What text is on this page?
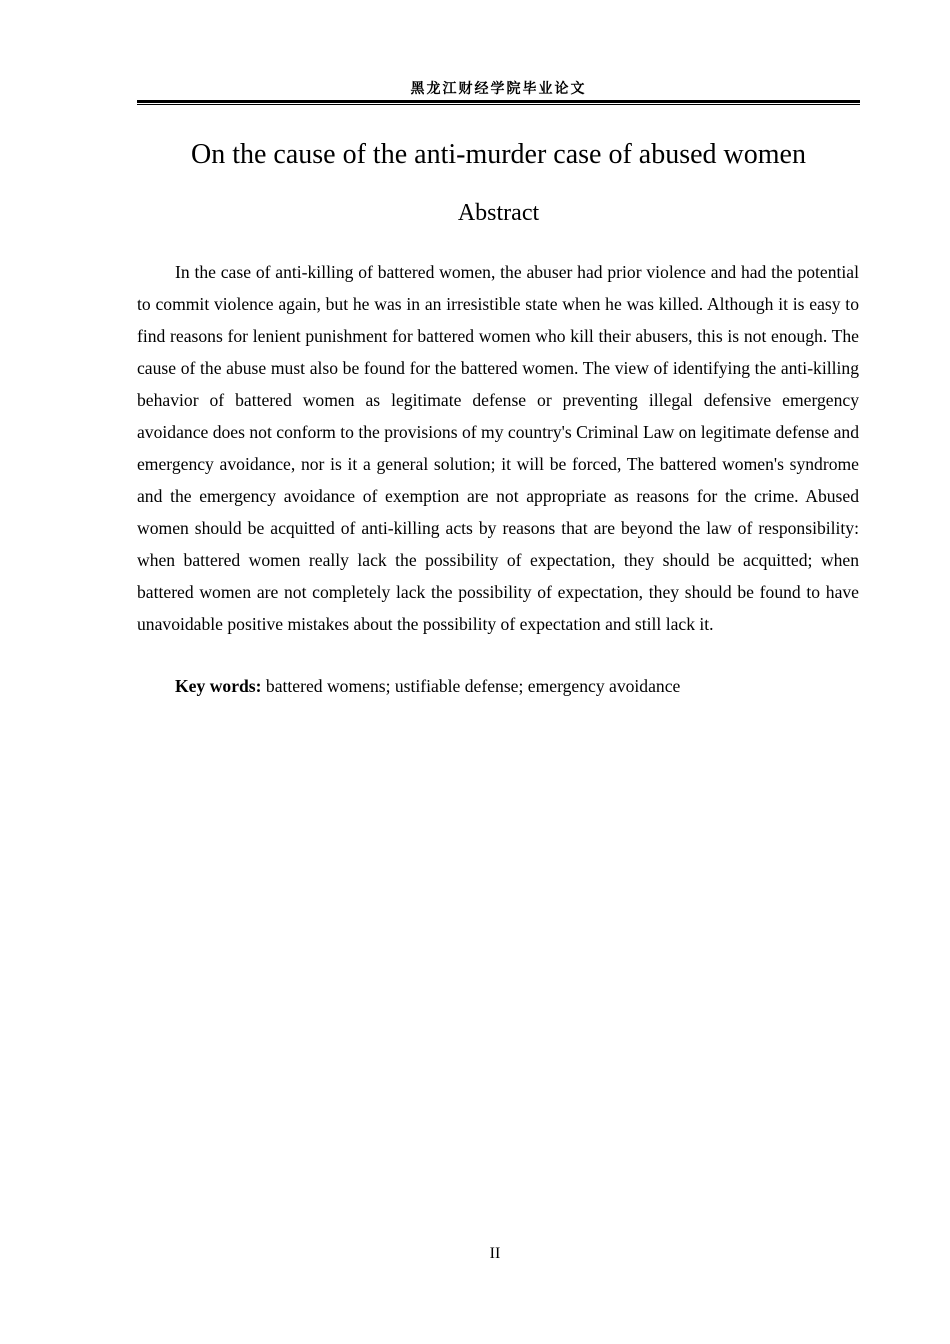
黑龙江财经学院毕业论文
On the cause of the anti-murder case of abused women
Abstract

In the case of anti-killing of battered women, the abuser had prior violence and had the potential to commit violence again, but he was in an irresistible state when he was killed. Although it is easy to find reasons for lenient punishment for battered women who kill their abusers, this is not enough. The cause of the abuse must also be found for the battered women. The view of identifying the anti-killing behavior of battered women as legitimate defense or preventing illegal defensive emergency avoidance does not conform to the provisions of my country's Criminal Law on legitimate defense and emergency avoidance, nor is it a general solution; it will be forced, The battered women's syndrome and the emergency avoidance of exemption are not appropriate as reasons for the crime. Abused women should be acquitted of anti-killing acts by reasons that are beyond the law of responsibility: when battered women really lack the possibility of expectation, they should be acquitted; when battered women are not completely lack the possibility of expectation, they should be found to have unavoidable positive mistakes about the possibility of expectation and still lack it.

Key words: battered womens; ustifiable defense; emergency avoidance

II
